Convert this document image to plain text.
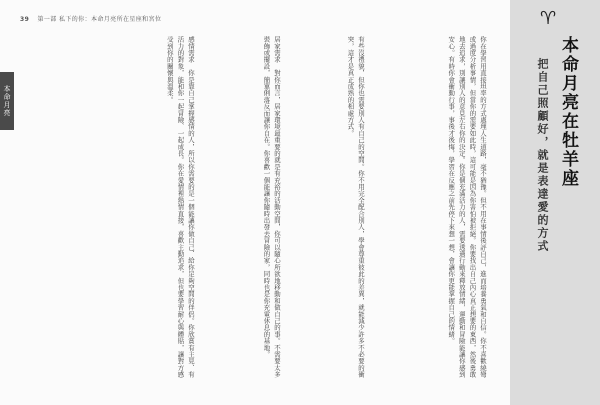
39 第一部 私下的你：本命月亮所在星座和宮位
本命月亮	感情需求　你是靠自己掌握感情的人，所以你需要的是一個能讓你做自己、給你足夠空間的伴侶。你欣賞有主見、有活力的對象，能和你一起冒險、一起成長。你在愛情裡熱情直接，喜歡主動追求，但也要學習耐心與體貼，讓對方感受到你的關懷與溫柔。	居家需求　對你而言，居家環境最重要的就是有充裕的活動空間，你可以隨心所欲地移動和做自己的事。不需要太多裝飾或擺設，簡單俐落反而讓你自在。你喜歡一個能讓你隨時出發去冒險的家，同時也是你充電休息的基地。	有些沒禮貌，但你也需要別人有自己的空間。你不用完全配合別人，學會尊重彼此的差異，就能減少許多不必要的衝突，這才是真正成熟的相處方式。	你在學習用直接坦率的方式處理人生道路，毫不猶豫。但不用在事情後評自己，進而培養勇氣和自信。你不喜歡繞彎或過度分析事情，但當你的需要如此時，這可能是因為你害怕被拒絕。你要找出自己內心真正想要的東西，然後勇敢地去追求，別讓別人的意見左右你的決定。你是個充滿活力的人，需要透過行動來釋放情緒，運動和冒險能讓你感到安心。有時你會衝動行事，事後才後悔，學習在反應之前先停下來想一想，會讓你更能掌握自己的情緒。
♈
本命月亮在牡羊座
把自己照顧好，就是表達愛的方式
